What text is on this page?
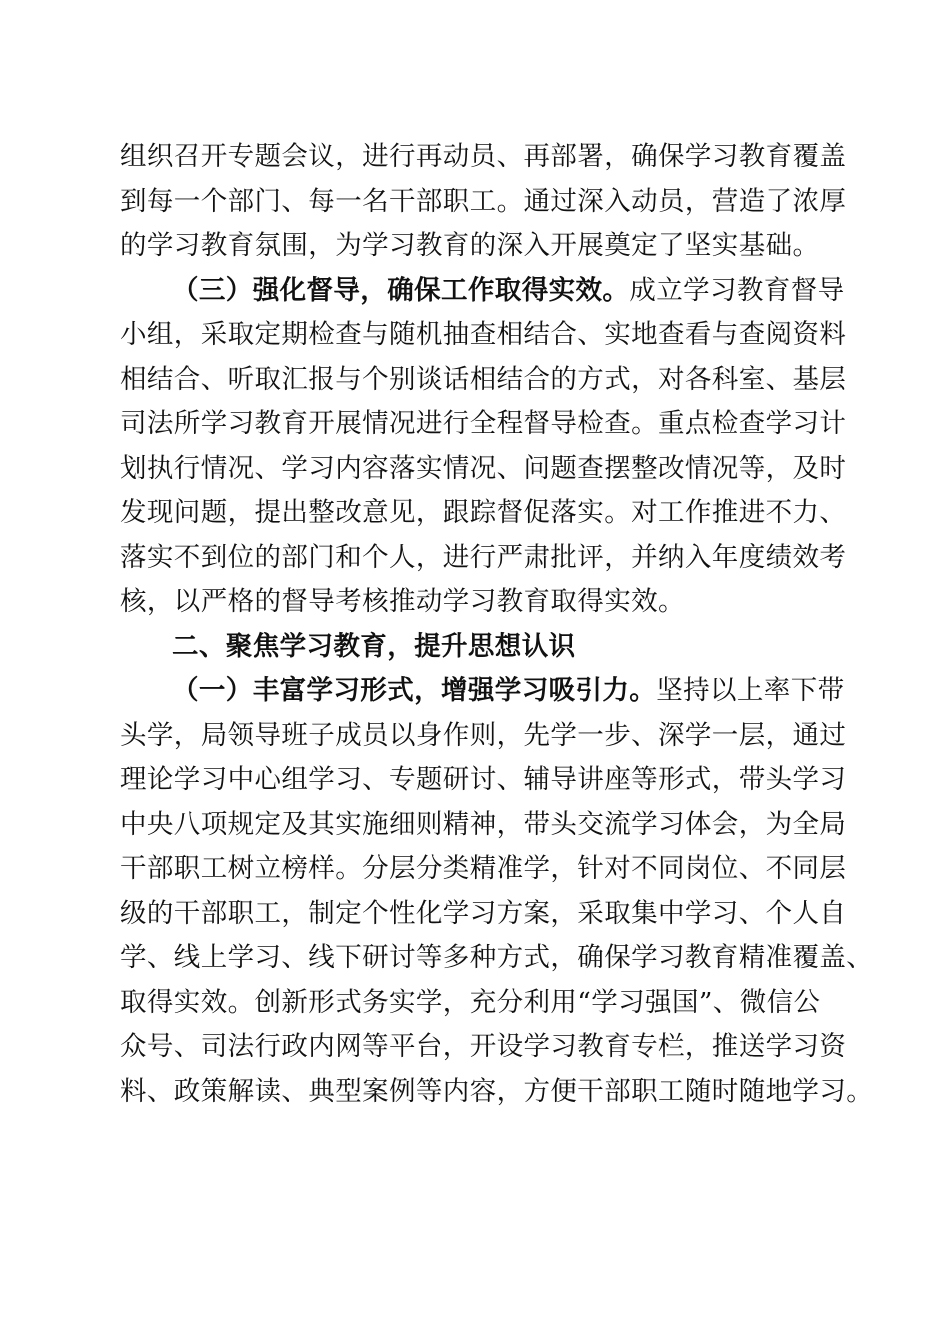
组织召开专题会议，进行再动员、再部署，确保学习教育覆盖
到每一个部门、每一名干部职工。通过深入动员，营造了浓厚
的学习教育氛围，为学习教育的深入开展奠定了坚实基础。
（三）强化督导，确保工作取得实效。成立学习教育督导
小组，采取定期检查与随机抽查相结合、实地查看与查阅资料
相结合、听取汇报与个别谈话相结合的方式，对各科室、基层
司法所学习教育开展情况进行全程督导检查。重点检查学习计
划执行情况、学习内容落实情况、问题查摆整改情况等，及时
发现问题，提出整改意见，跟踪督促落实。对工作推进不力、
落实不到位的部门和个人，进行严肃批评，并纳入年度绩效考
核，以严格的督导考核推动学习教育取得实效。
二、聚焦学习教育，提升思想认识
（一）丰富学习形式，增强学习吸引力。坚持以上率下带
头学，局领导班子成员以身作则，先学一步、深学一层，通过
理论学习中心组学习、专题研讨、辅导讲座等形式，带头学习
中央八项规定及其实施细则精神，带头交流学习体会，为全局
干部职工树立榜样。分层分类精准学，针对不同岗位、不同层
级的干部职工，制定个性化学习方案，采取集中学习、个人自
学、线上学习、线下研讨等多种方式，确保学习教育精准覆盖、
取得实效。创新形式务实学，充分利用“学习强国”、微信公
众号、司法行政内网等平台，开设学习教育专栏，推送学习资
料、政策解读、典型案例等内容，方便干部职工随时随地学习。
